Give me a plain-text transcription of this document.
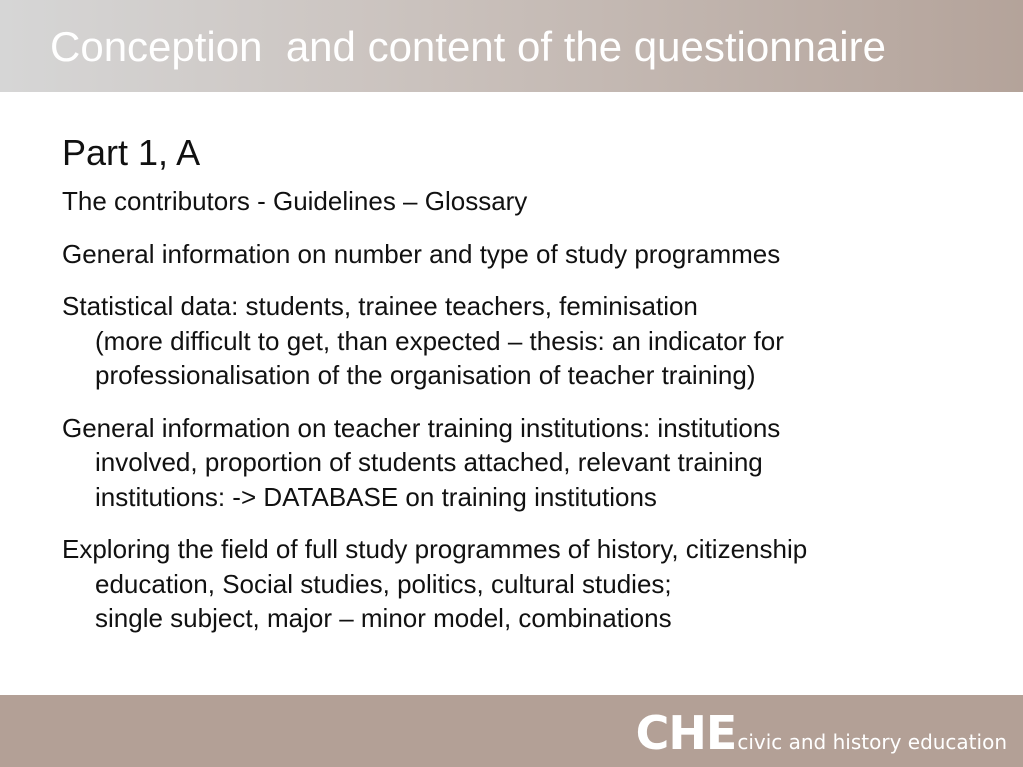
Conception  and content of the questionnaire
Part 1, A
The contributors - Guidelines – Glossary
General information on number and type of study programmes
Statistical data: students, trainee teachers, feminisation
(more difficult to get, than expected – thesis: an indicator for
professionalisation of the organisation of teacher training)
General information on teacher training institutions: institutions
involved, proportion of students attached, relevant training
institutions: -> DATABASE on training institutions
Exploring the field of full study programmes of history, citizenship
education, Social studies, politics, cultural studies;
single subject, major – minor model, combinations
CHE civic and history education
